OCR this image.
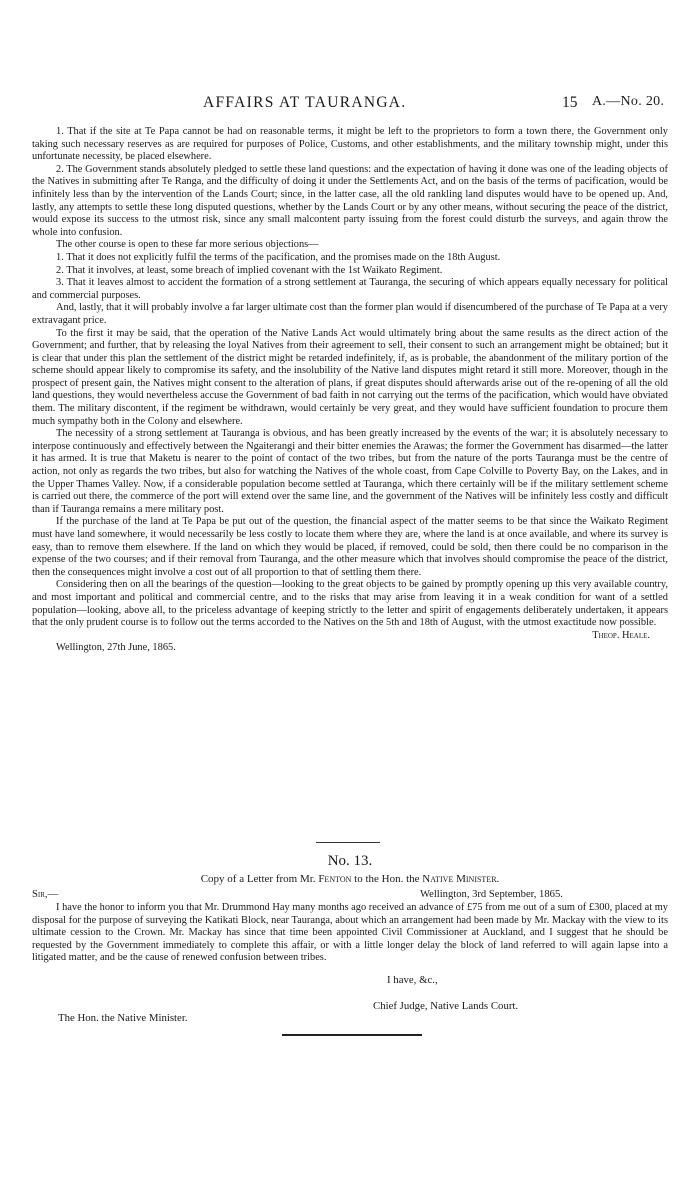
AFFAIRS AT TAURANGA.	15 A.—No. 20.

1. That if the site at Te Papa cannot be had on reasonable terms, it might be left to the proprietors to form a town there, the Government only taking such necessary reserves as are required for purposes of Police, Customs, and other establishments, and the military township might, under this unfortunate necessity, be placed elsewhere.

2. The Government stands absolutely pledged to settle these land questions: and the expectation of having it done was one of the leading objects of the Natives in submitting after Te Ranga, and the difficulty of doing it under the Settlements Act, and on the basis of the terms of pacification, would be infinitely less than by the intervention of the Lands Court; since, in the latter case, all the old rankling land disputes would have to be opened up. And, lastly, any attempts to settle these long disputed questions, whether by the Lands Court or by any other means, without securing the peace of the district, would expose its success to the utmost risk, since any small malcontent party issuing from the forest could disturb the surveys, and again throw the whole into confusion.

The other course is open to these far more serious objections—

1. That it does not explicitly fulfil the terms of the pacification, and the promises made on the 18th August.

2. That it involves, at least, some breach of implied covenant with the 1st Waikato Regiment.

3. That it leaves almost to accident the formation of a strong settlement at Tauranga, the securing of which appears equally necessary for political and commercial purposes.

And, lastly, that it will probably involve a far larger ultimate cost than the former plan would if disencumbered of the purchase of Te Papa at a very extravagant price.

To the first it may be said, that the operation of the Native Lands Act would ultimately bring about the same results as the direct action of the Government; and further, that by releasing the loyal Natives from their agreement to sell, their consent to such an arrangement might be obtained; but it is clear that under this plan the settlement of the district might be retarded indefinitely, if, as is probable, the abandonment of the military portion of the scheme should appear likely to compromise its safety, and the insolubility of the Native land disputes might retard it still more. Moreover, though in the prospect of present gain, the Natives might consent to the alteration of plans, if great disputes should afterwards arise out of the re-opening of all the old land questions, they would nevertheless accuse the Government of bad faith in not carrying out the terms of the pacification, which would have obviated them. The military discontent, if the regiment be withdrawn, would certainly be very great, and they would have sufficient foundation to procure them much sympathy both in the Colony and elsewhere.

The necessity of a strong settlement at Tauranga is obvious, and has been greatly increased by the events of the war; it is absolutely necessary to interpose continuously and effectively between the Ngaiterangi and their bitter enemies the Arawas; the former the Government has disarmed—the latter it has armed. It is true that Maketu is nearer to the point of contact of the two tribes, but from the nature of the ports Tauranga must be the centre of action, not only as regards the two tribes, but also for watching the Natives of the whole coast, from Cape Colville to Poverty Bay, on the Lakes, and in the Upper Thames Valley. Now, if a considerable population become settled at Tauranga, which there certainly will be if the military settlement scheme is carried out there, the commerce of the port will extend over the same line, and the government of the Natives will be infinitely less costly and difficult than if Tauranga remains a mere military post.

If the purchase of the land at Te Papa be put out of the question, the financial aspect of the matter seems to be that since the Waikato Regiment must have land somewhere, it would necessarily be less costly to locate them where they are, where the land is at once available, and where its survey is easy, than to remove them elsewhere. If the land on which they would be placed, if removed, could be sold, then there could be no comparison in the expense of the two courses; and if their removal from Tauranga, and the other measure which that involves should compromise the peace of the district, then the consequences might involve a cost out of all proportion to that of settling them there.

Considering then on all the bearings of the question—looking to the great objects to be gained by promptly opening up this very available country, and most important and political and commercial centre, and to the risks that may arise from leaving it in a weak condition for want of a settled population—looking, above all, to the priceless advantage of keeping strictly to the letter and spirit of engagements deliberately undertaken, it appears that the only prudent course is to follow out the terms accorded to the Natives on the 5th and 18th of August, with the utmost exactitude now possible.

Theop. Heale.

Wellington, 27th June, 1865.

No. 13.
Copy of a Letter from Mr. Fenton to the Hon. the Native Minister.
Sir,—	Wellington, 3rd September, 1865.

I have the honor to inform you that Mr. Drummond Hay many months ago received an advance of £75 from me out of a sum of £300, placed at my disposal for the purpose of surveying the Katikati Block, near Tauranga, about which an arrangement had been made by Mr. Mackay with the view to its ultimate cession to the Crown. Mr. Mackay has since that time been appointed Civil Commissioner at Auckland, and I suggest that he should be requested by the Government immediately to complete this affair, or with a little longer delay the block of land referred to will again lapse into a litigated matter, and be the cause of renewed confusion between tribes.

I have, &c.,
Chief Judge, Native Lands Court.
The Hon. the Native Minister.
